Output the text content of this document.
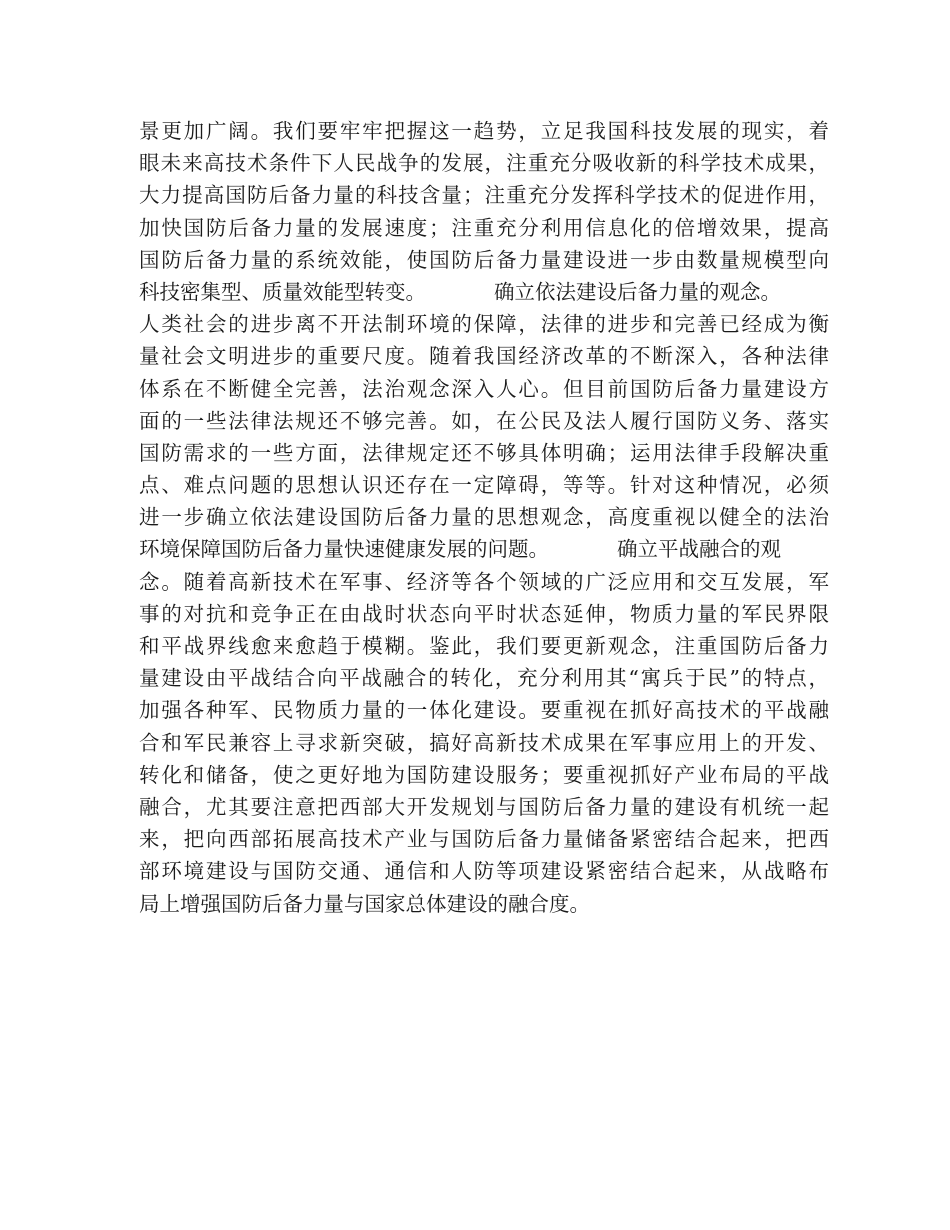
景更加广阔。我们要牢牢把握这一趋势，立足我国科技发展的现实，着
眼未来高技术条件下人民战争的发展，注重充分吸收新的科学技术成果，
大力提高国防后备力量的科技含量；注重充分发挥科学技术的促进作用，
加快国防后备力量的发展速度；注重充分利用信息化的倍增效果，提高
国防后备力量的系统效能，使国防后备力量建设进一步由数量规模型向
科技密集型、质量效能型转变。	确立依法建设后备力量的观念。
人类社会的进步离不开法制环境的保障，法律的进步和完善已经成为衡
量社会文明进步的重要尺度。随着我国经济改革的不断深入，各种法律
体系在不断健全完善，法治观念深入人心。但目前国防后备力量建设方
面的一些法律法规还不够完善。如，在公民及法人履行国防义务、落实
国防需求的一些方面，法律规定还不够具体明确；运用法律手段解决重
点、难点问题的思想认识还存在一定障碍，等等。针对这种情况，必须
进一步确立依法建设国防后备力量的思想观念，高度重视以健全的法治
环境保障国防后备力量快速健康发展的问题。	确立平战融合的观
念。随着高新技术在军事、经济等各个领域的广泛应用和交互发展，军
事的对抗和竞争正在由战时状态向平时状态延伸，物质力量的军民界限
和平战界线愈来愈趋于模糊。鉴此，我们要更新观念，注重国防后备力
量建设由平战结合向平战融合的转化，充分利用其“寓兵于民”的特点，
加强各种军、民物质力量的一体化建设。要重视在抓好高技术的平战融
合和军民兼容上寻求新突破，搞好高新技术成果在军事应用上的开发、
转化和储备，使之更好地为国防建设服务；要重视抓好产业布局的平战
融合，尤其要注意把西部大开发规划与国防后备力量的建设有机统一起
来，把向西部拓展高技术产业与国防后备力量储备紧密结合起来，把西
部环境建设与国防交通、通信和人防等项建设紧密结合起来，从战略布
局上增强国防后备力量与国家总体建设的融合度。
